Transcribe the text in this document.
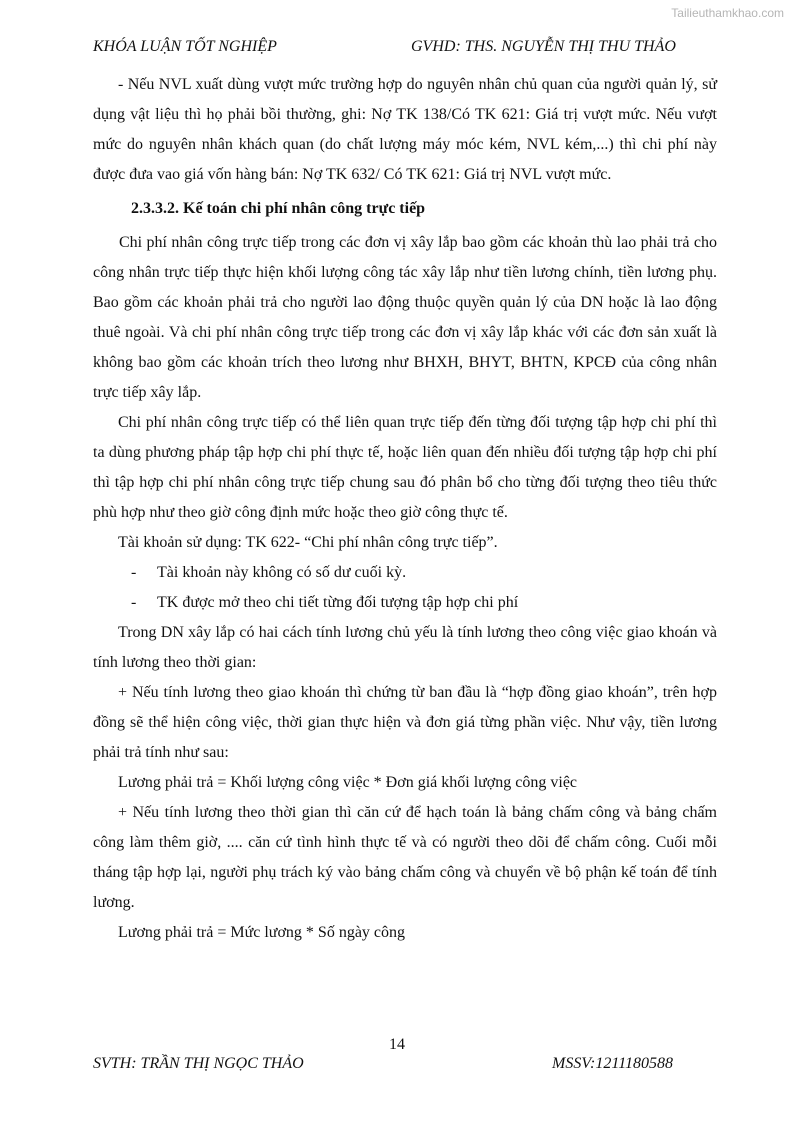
Tailieuthamkhao.com
KHÓA LUẬN TỐT NGHIỆP	GVHD: THS. NGUYỄN THỊ THU THẢO

- Nếu NVL xuất dùng vượt mức trường hợp do nguyên nhân chủ quan của người quản lý, sử dụng vật liệu thì họ phải bồi thường, ghi: Nợ TK 138/Có TK 621: Giá trị vượt mức. Nếu vượt mức do nguyên nhân khách quan (do chất lượng máy móc kém, NVL kém,...) thì chi phí này được đưa vao giá vốn hàng bán: Nợ TK 632/ Có TK 621: Giá trị NVL vượt mức.

2.3.3.2. Kế toán chi phí nhân công trực tiếp

Chi phí nhân công trực tiếp trong các đơn vị xây lắp bao gồm các khoản thù lao phải trả cho công nhân trực tiếp thực hiện khối lượng công tác xây lắp như tiền lương chính, tiền lương phụ. Bao gồm các khoản phải trả cho người lao động thuộc quyền quản lý của DN hoặc là lao động thuê ngoài. Và chi phí nhân công trực tiếp trong các đơn vị xây lắp khác với các đơn sản xuất là không bao gồm các khoản trích theo lương như BHXH, BHYT, BHTN, KPCĐ của công nhân trực tiếp xây lắp.

Chi phí nhân công trực tiếp có thể liên quan trực tiếp đến từng đối tượng tập hợp chi phí thì ta dùng phương pháp tập hợp chi phí thực tế, hoặc liên quan đến nhiều đối tượng tập hợp chi phí thì tập hợp chi phí nhân công trực tiếp chung sau đó phân bổ cho từng đối tượng theo tiêu thức phù hợp như theo giờ công định mức hoặc theo giờ công thực tế.

Tài khoản sử dụng: TK 622- “Chi phí nhân công trực tiếp”.

-	Tài khoản này không có số dư cuối kỳ.
-	TK được mở theo chi tiết từng đối tượng tập hợp chi phí

Trong DN xây lắp có hai cách tính lương chủ yếu là tính lương theo công việc giao khoán và tính lương theo thời gian:

+ Nếu tính lương theo giao khoán thì chứng từ ban đầu là “hợp đồng giao khoán”, trên hợp đồng sẽ thể hiện công việc, thời gian thực hiện và đơn giá từng phần việc. Như vậy, tiền lương phải trả tính như sau:

Lương phải trả = Khối lượng công việc * Đơn giá khối lượng công việc

+ Nếu tính lương theo thời gian thì căn cứ để hạch toán là bảng chấm công và bảng chấm công làm thêm giờ, .... căn cứ tình hình thực tế và có người theo dõi để chấm công. Cuối mỗi tháng tập hợp lại, người phụ trách ký vào bảng chấm công và chuyển về bộ phận kế toán để tính lương.

Lương phải trả = Mức lương * Số ngày công

14
SVTH: TRẦN THỊ NGỌC THẢO	MSSV:1211180588
